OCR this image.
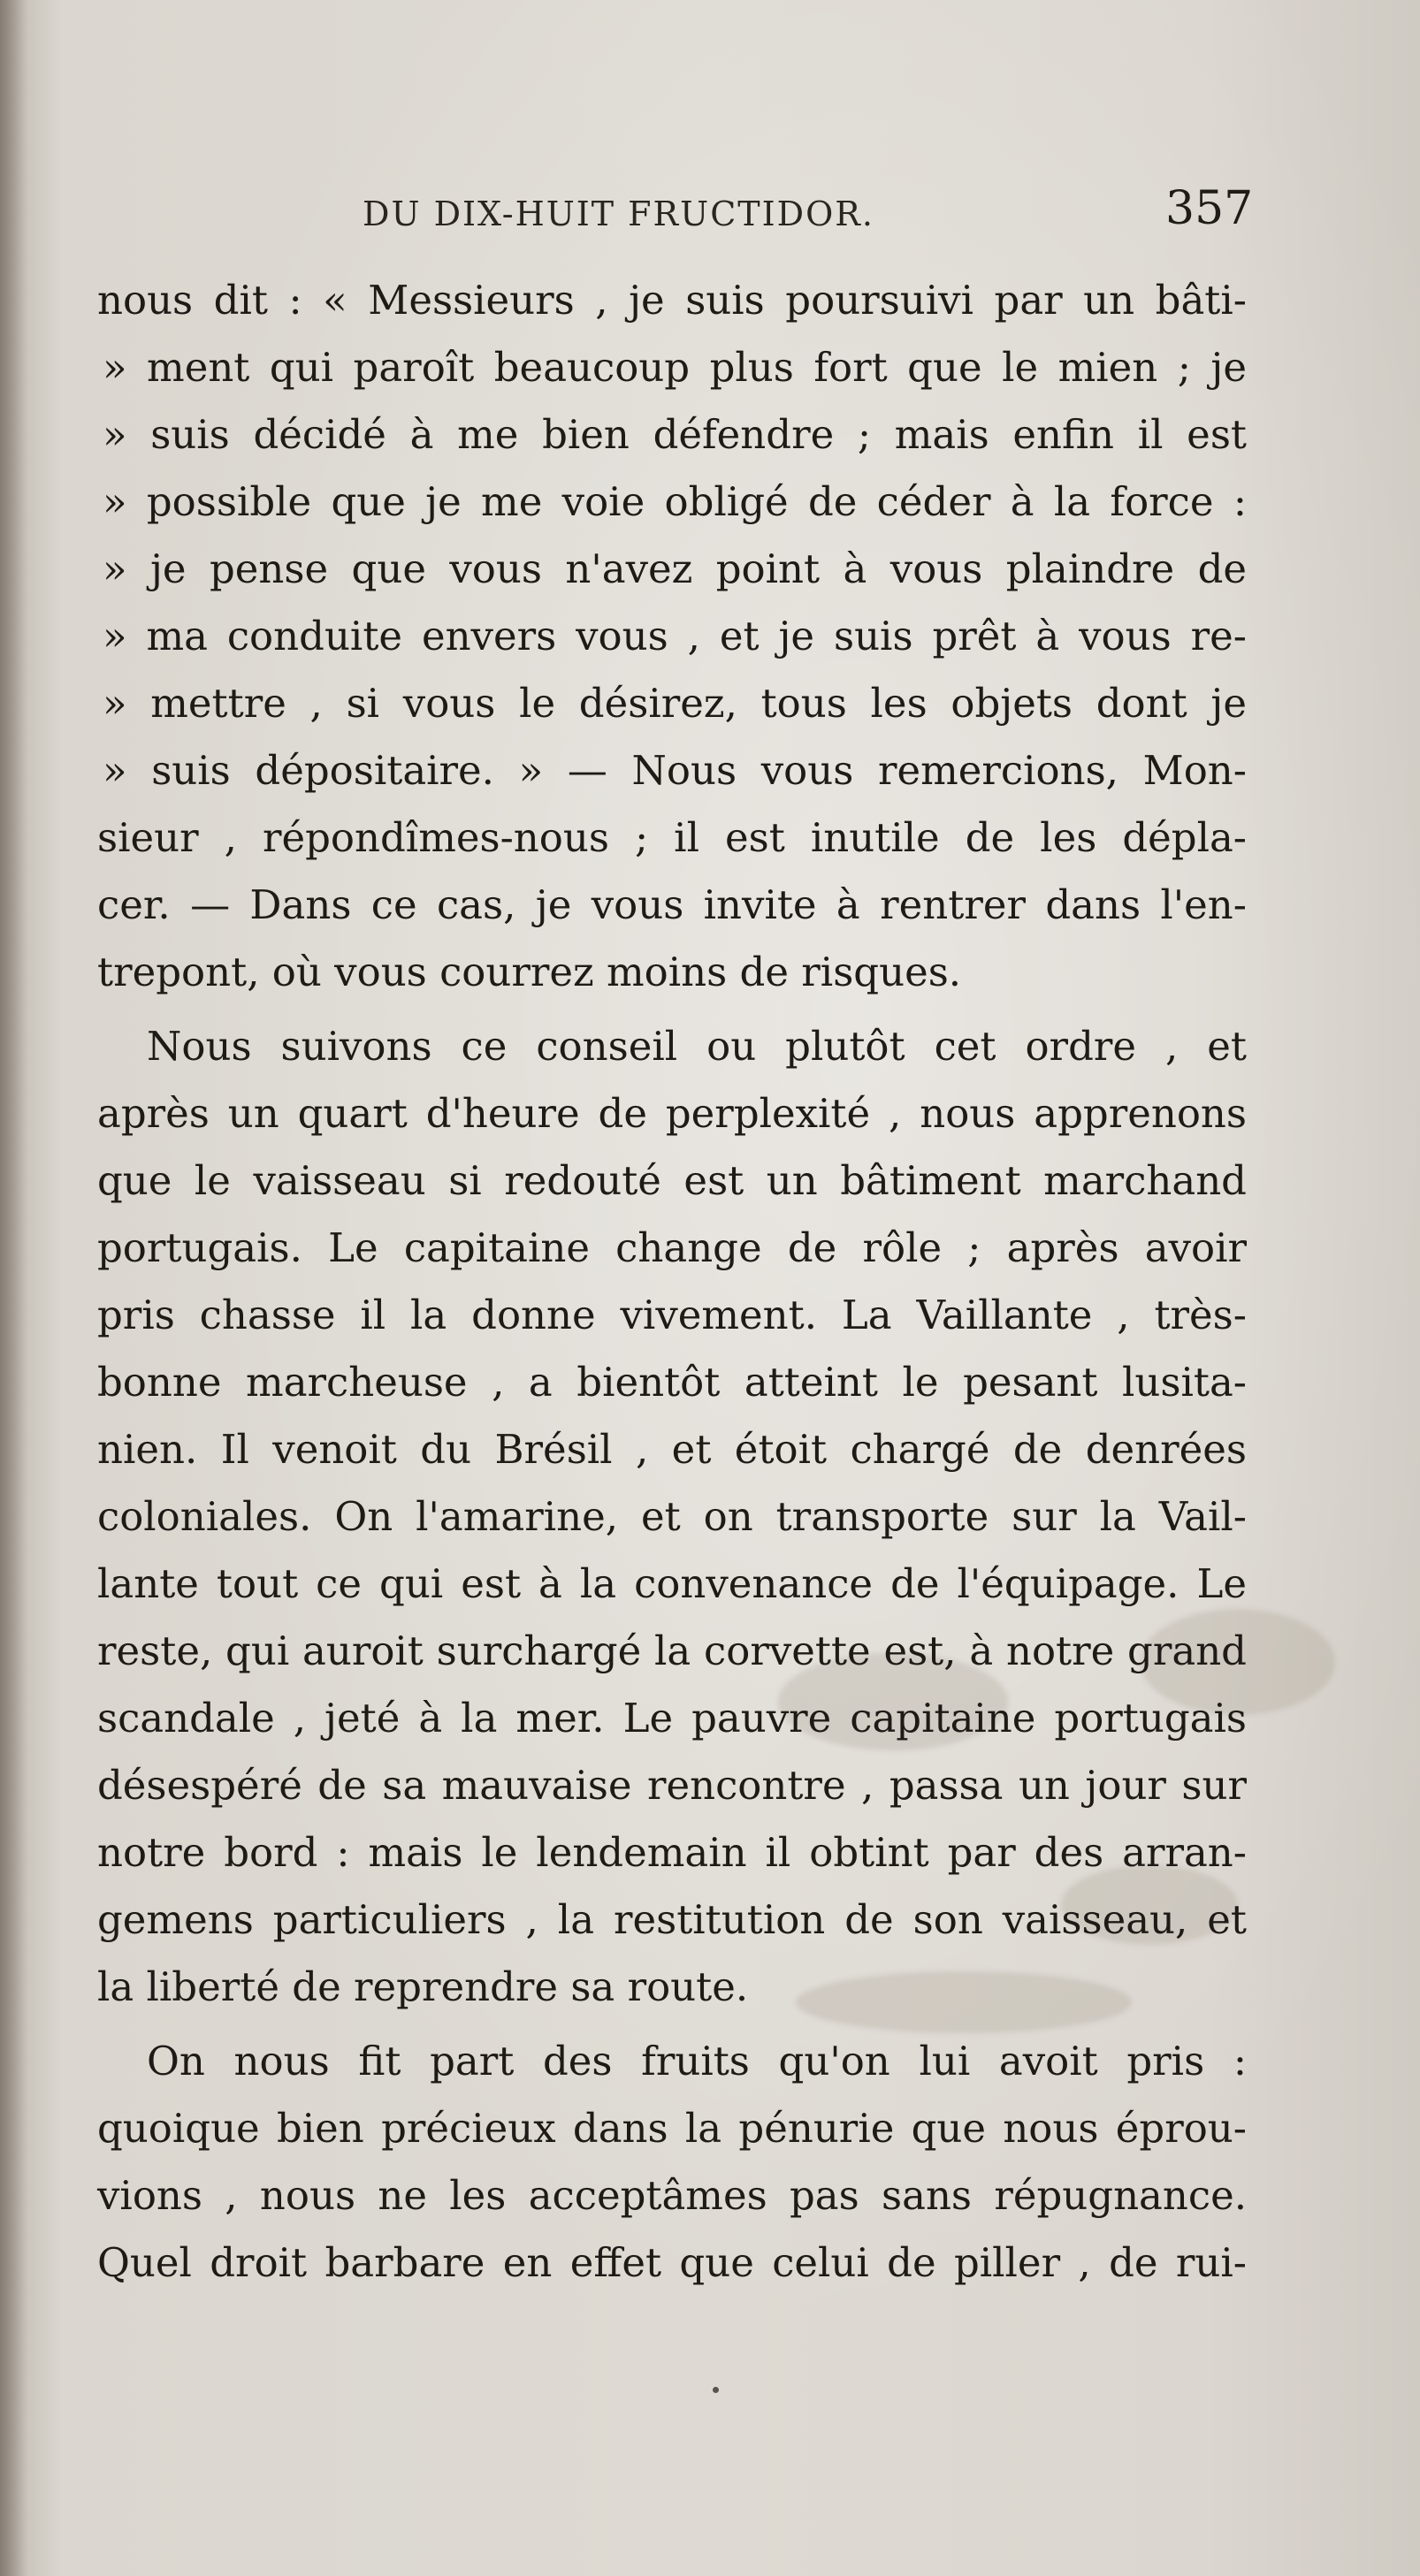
DU DIX-HUIT FRUCTIDOR.	357
nous dit : « Messieurs , je suis poursuivi par un bâti-
» ment qui paroît beaucoup plus fort que le mien ; je
» suis décidé à me bien défendre ; mais enfin il est
» possible que je me voie obligé de céder à la force :
» je pense que vous n'avez point à vous plaindre de
» ma conduite envers vous , et je suis prêt à vous re-
» mettre , si vous le désirez, tous les objets dont je
» suis dépositaire. » — Nous vous remercions, Mon-
sieur , répondîmes-nous ; il est inutile de les dépla-
cer. — Dans ce cas, je vous invite à rentrer dans l'en-
trepont, où vous courrez moins de risques.
Nous suivons ce conseil ou plutôt cet ordre , et
après un quart d'heure de perplexité , nous apprenons
que le vaisseau si redouté est un bâtiment marchand
portugais. Le capitaine change de rôle ; après avoir
pris chasse il la donne vivement. La Vaillante , très-
bonne marcheuse , a bientôt atteint le pesant lusita-
nien. Il venoit du Brésil , et étoit chargé de denrées
coloniales. On l'amarine, et on transporte sur la Vail-
lante tout ce qui est à la convenance de l'équipage. Le
reste, qui auroit surchargé la corvette est, à notre grand
scandale , jeté à la mer. Le pauvre capitaine portugais
désespéré de sa mauvaise rencontre , passa un jour sur
notre bord : mais le lendemain il obtint par des arran-
gemens particuliers , la restitution de son vaisseau, et
la liberté de reprendre sa route.
On nous fit part des fruits qu'on lui avoit pris :
quoique bien précieux dans la pénurie que nous éprou-
vions , nous ne les acceptâmes pas sans répugnance.
Quel droit barbare en effet que celui de piller , de rui-
